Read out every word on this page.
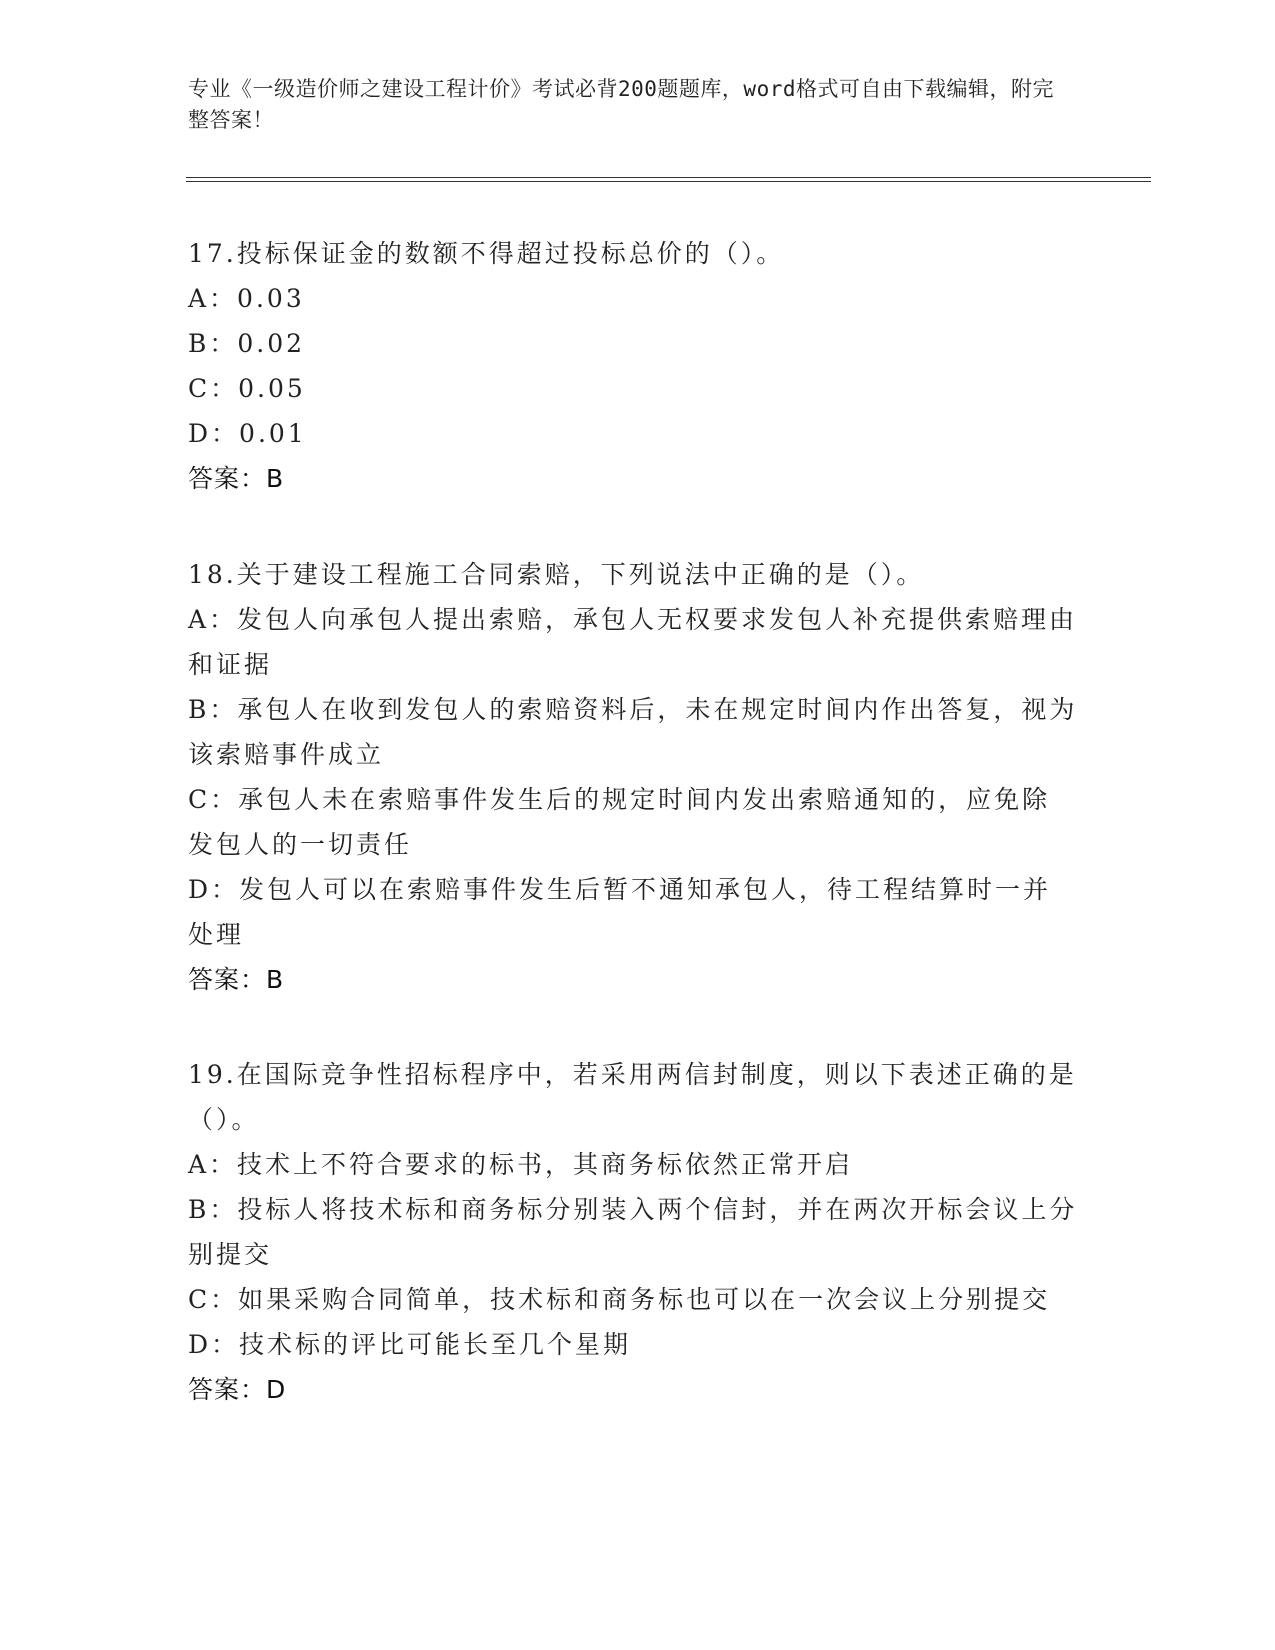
专业《一级造价师之建设工程计价》考试必背200题题库，word格式可自由下载编辑，附完整答案！

17.投标保证金的数额不得超过投标总价的（）。

A：0.03

B：0.02

C：0.05

D：0.01

答案：B

18.关于建设工程施工合同索赔，下列说法中正确的是（）。

A：发包人向承包人提出索赔，承包人无权要求发包人补充提供索赔理由和证据

B：承包人在收到发包人的索赔资料后，未在规定时间内作出答复，视为该索赔事件成立

C：承包人未在索赔事件发生后的规定时间内发出索赔通知的，应免除发包人的一切责任

D：发包人可以在索赔事件发生后暂不通知承包人，待工程结算时一并处理

答案：B

19.在国际竞争性招标程序中，若采用两信封制度，则以下表述正确的是（）。

A：技术上不符合要求的标书，其商务标依然正常开启

B：投标人将技术标和商务标分别装入两个信封，并在两次开标会议上分别提交

C：如果采购合同简单，技术标和商务标也可以在一次会议上分别提交

D：技术标的评比可能长至几个星期

答案：D
